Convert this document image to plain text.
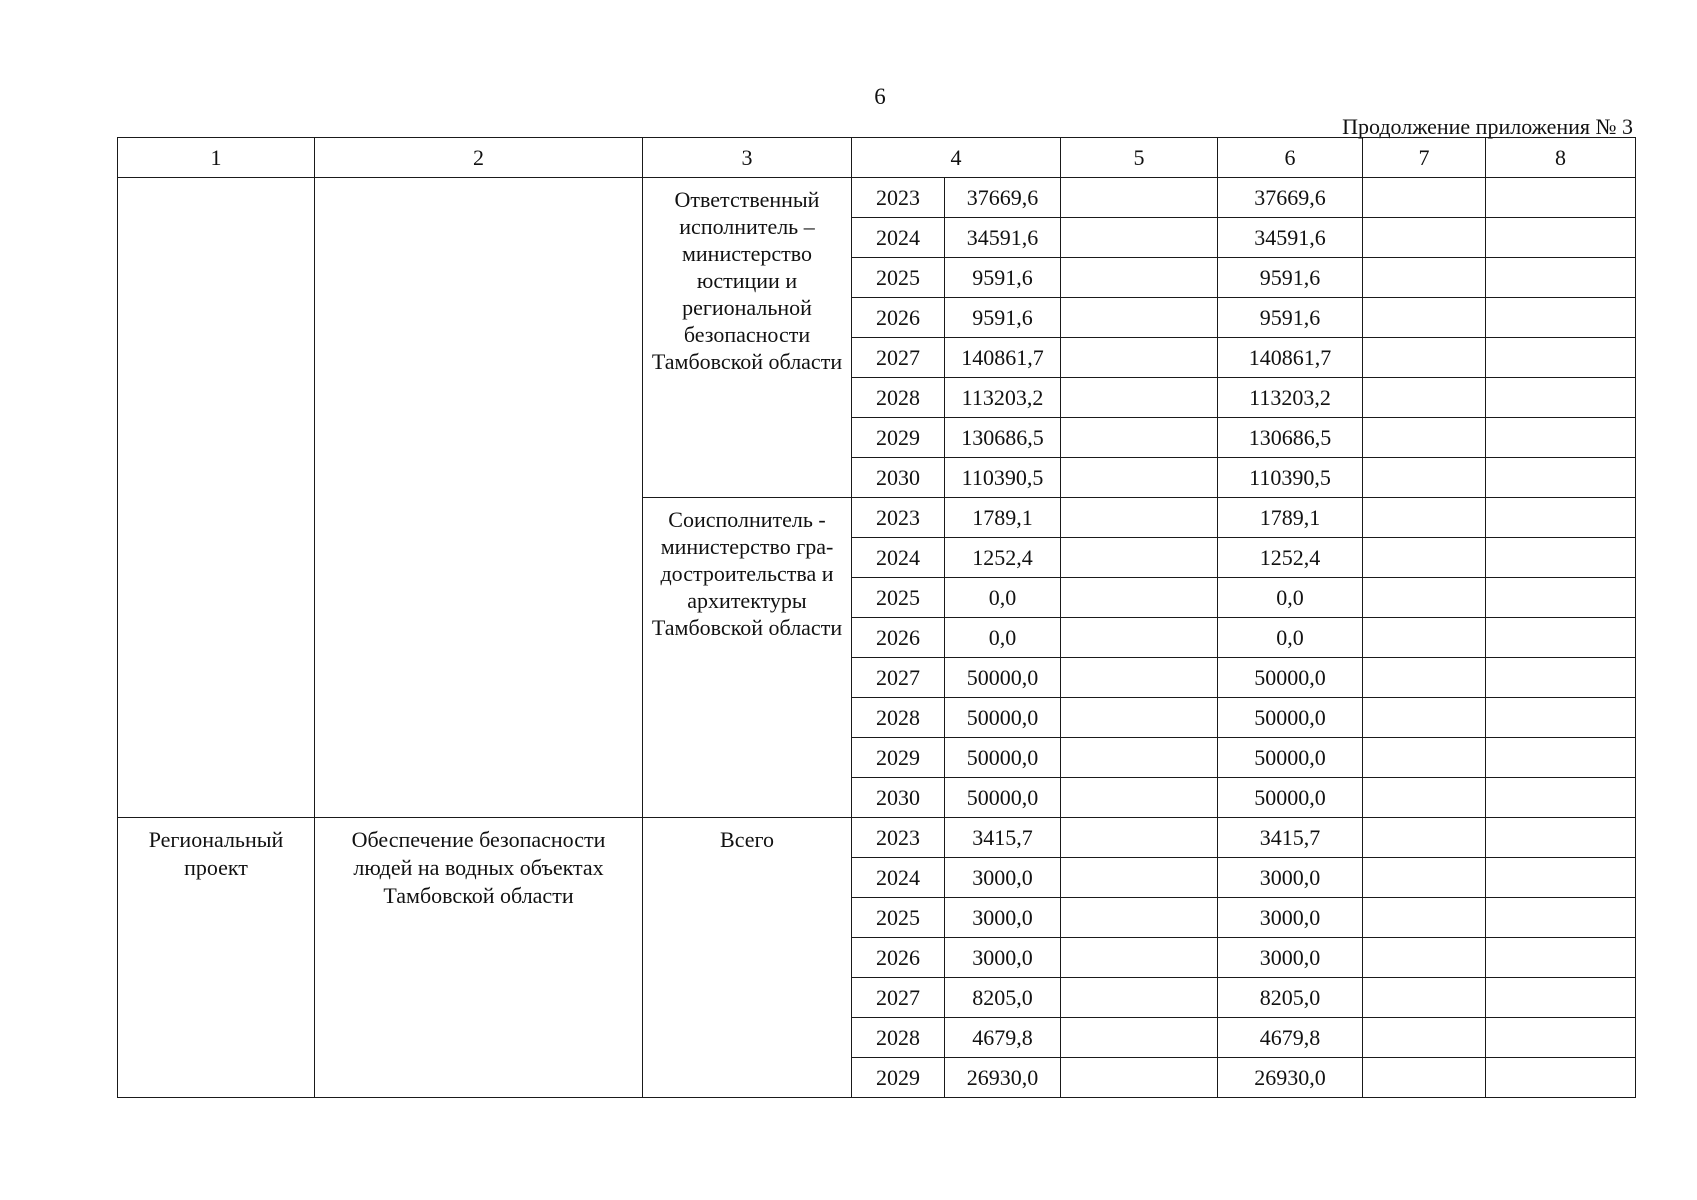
6
Продолжение приложения № 3
1	2	3	4		5	6	7	8
		Ответственный исполнитель – министерство юстиции и региональной безопасности Тамбовской области	2023	37669,6		37669,6		
			2024	34591,6		34591,6		
			2025	9591,6		9591,6		
			2026	9591,6		9591,6		
			2027	140861,7		140861,7		
			2028	113203,2		113203,2		
			2029	130686,5		130686,5		
			2030	110390,5		110390,5		
		Соисполнитель - министерство гра-достроительства и архитектуры Тамбовской области	2023	1789,1		1789,1		
			2024	1252,4		1252,4		
			2025	0,0		0,0		
			2026	0,0		0,0		
			2027	50000,0		50000,0		
			2028	50000,0		50000,0		
			2029	50000,0		50000,0		
			2030	50000,0		50000,0		
Региональный проект	Обеспечение безопасности людей на водных объектах Тамбовской области	Всего	2023	3415,7		3415,7		
			2024	3000,0		3000,0		
			2025	3000,0		3000,0		
			2026	3000,0		3000,0		
			2027	8205,0		8205,0		
			2028	4679,8		4679,8		
			2029	26930,0		26930,0		
